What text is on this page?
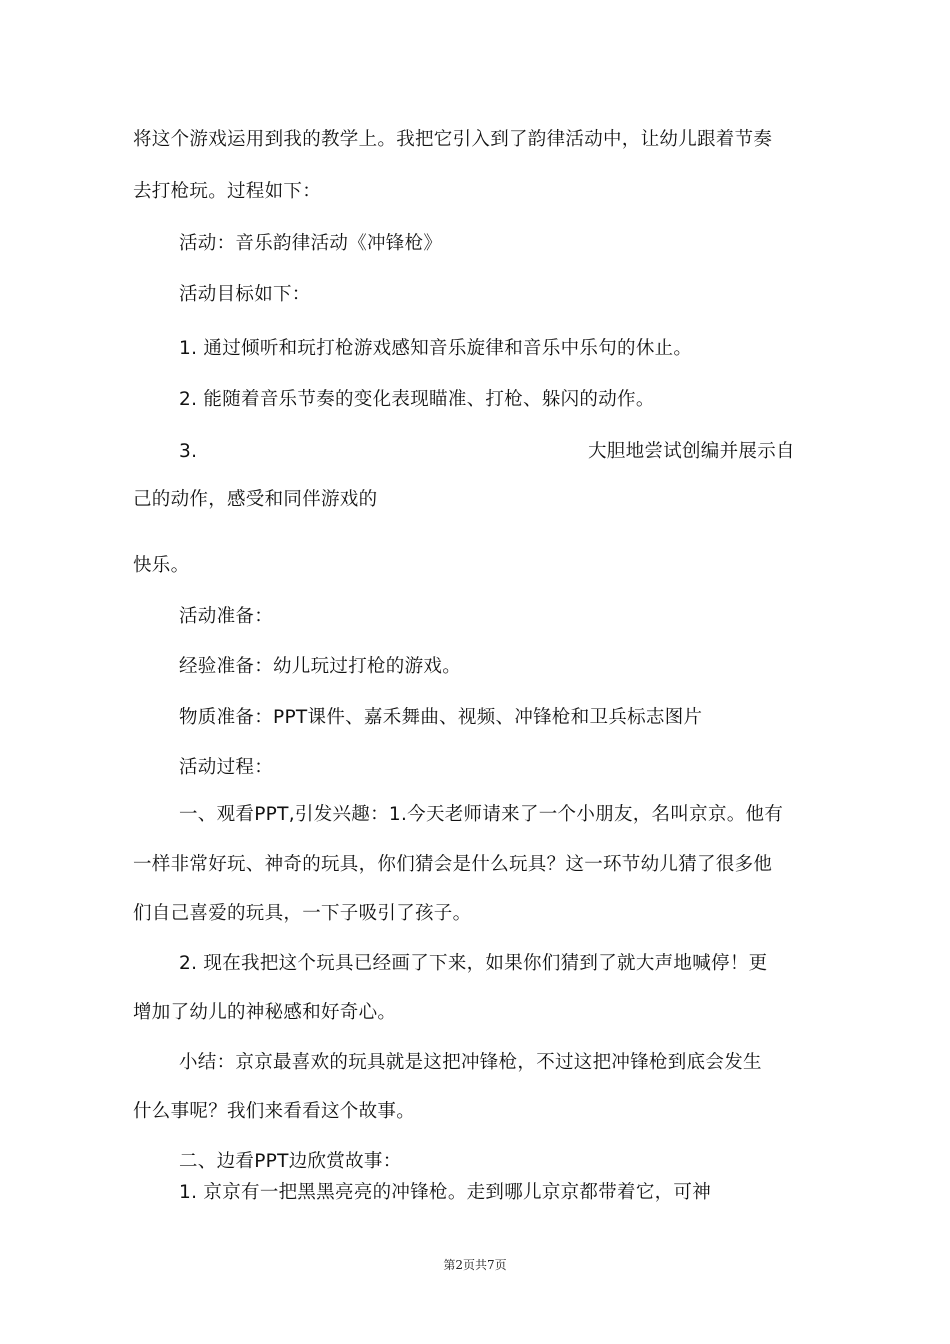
将这个游戏运用到我的教学上。我把它引入到了韵律活动中，让幼儿跟着节奏
去打枪玩。过程如下：
活动：音乐韵律活动《冲锋枪》
活动目标如下：
1. 通过倾听和玩打枪游戏感知音乐旋律和音乐中乐句的休止。
2. 能随着音乐节奏的变化表现瞄准、打枪、躲闪的动作。
3.	大胆地尝试创编并展示自
己的动作，感受和同伴游戏的
快乐。
活动准备：
经验准备：幼儿玩过打枪的游戏。
物质准备：PPT课件、嘉禾舞曲、视频、冲锋枪和卫兵标志图片
活动过程：
一、观看PPT,引发兴趣：1.今天老师请来了一个小朋友，名叫京京。他有
一样非常好玩、神奇的玩具，你们猜会是什么玩具？这一环节幼儿猜了很多他
们自己喜爱的玩具，一下子吸引了孩子。
2. 现在我把这个玩具已经画了下来，如果你们猜到了就大声地喊停！更
增加了幼儿的神秘感和好奇心。
小结：京京最喜欢的玩具就是这把冲锋枪，不过这把冲锋枪到底会发生
什么事呢？我们来看看这个故事。
二、边看PPT边欣赏故事：
1. 京京有一把黑黑亮亮的冲锋枪。走到哪儿京京都带着它，可神
第2页共7页
